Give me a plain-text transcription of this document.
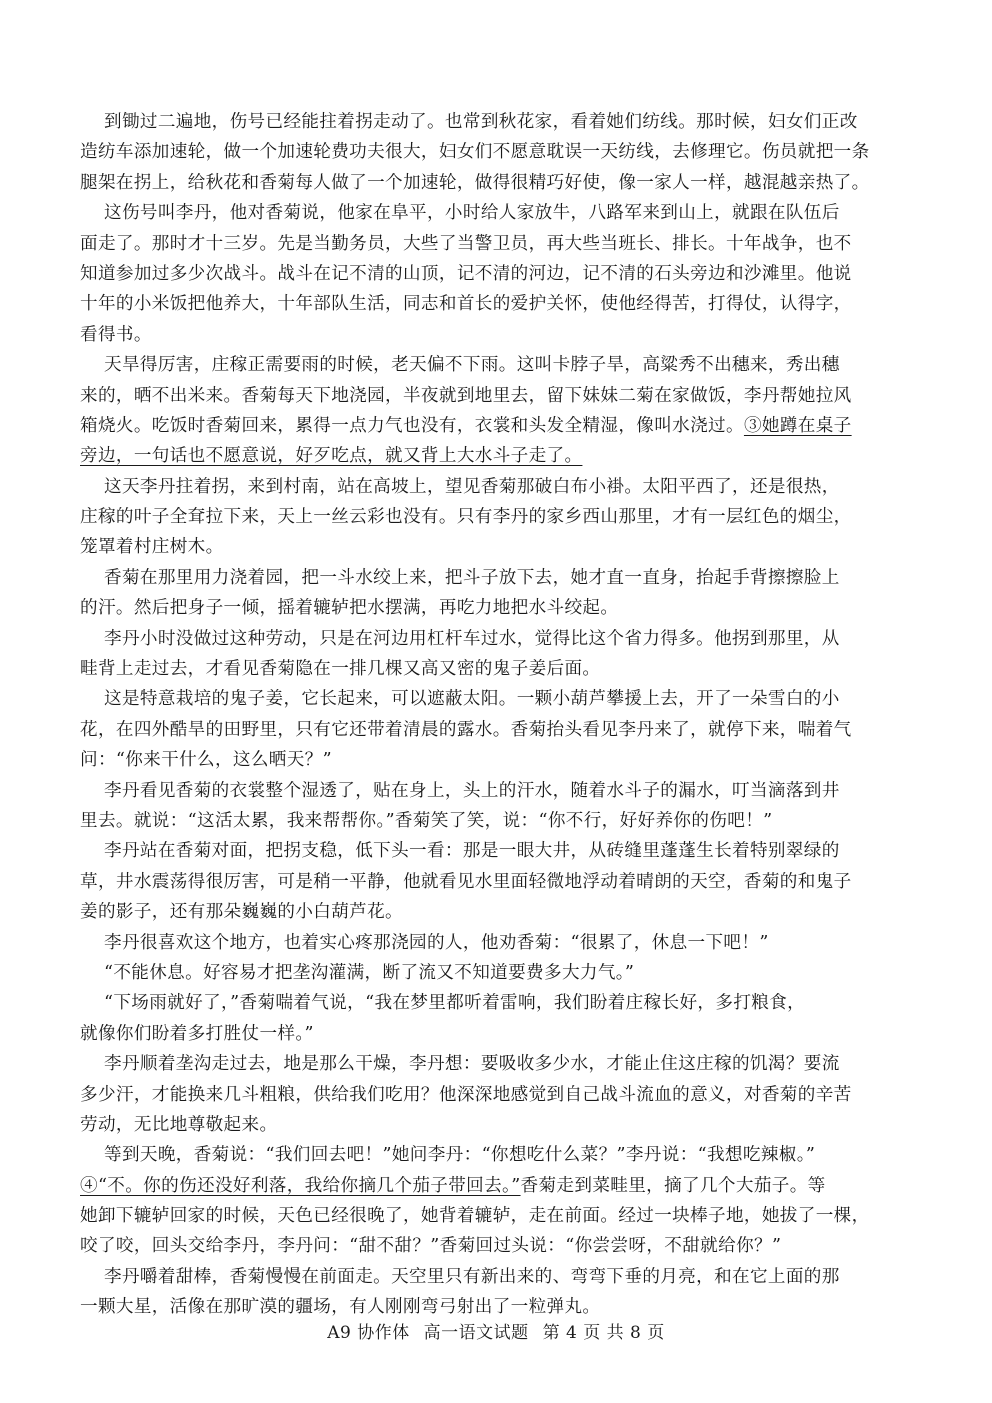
到锄过二遍地，伤号已经能拄着拐走动了。也常到秋花家，看着她们纺线。那时候，妇女们正改
造纺车添加速轮，做一个加速轮费功夫很大，妇女们不愿意耽误一天纺线，去修理它。伤员就把一条
腿架在拐上，给秋花和香菊每人做了一个加速轮，做得很精巧好使，像一家人一样，越混越亲热了。
这伤号叫李丹，他对香菊说，他家在阜平，小时给人家放牛，八路军来到山上，就跟在队伍后
面走了。那时才十三岁。先是当勤务员，大些了当警卫员，再大些当班长、排长。十年战争，也不
知道参加过多少次战斗。战斗在记不清的山顶，记不清的河边，记不清的石头旁边和沙滩里。他说
十年的小米饭把他养大，十年部队生活，同志和首长的爱护关怀，使他经得苦，打得仗，认得字，
看得书。
天旱得厉害，庄稼正需要雨的时候，老天偏不下雨。这叫卡脖子旱，高粱秀不出穗来，秀出穗
来的，晒不出米来。香菊每天下地浇园，半夜就到地里去，留下妹妹二菊在家做饭，李丹帮她拉风
箱烧火。吃饭时香菊回来，累得一点力气也没有，衣裳和头发全精湿，像叫水浇过。③她蹲在桌子
旁边，一句话也不愿意说，好歹吃点，就又背上大水斗子走了。
这天李丹拄着拐，来到村南，站在高坡上，望见香菊那破白布小褂。太阳平西了，还是很热，
庄稼的叶子全耷拉下来，天上一丝云彩也没有。只有李丹的家乡西山那里，才有一层红色的烟尘，
笼罩着村庄树木。
香菊在那里用力浇着园，把一斗水绞上来，把斗子放下去，她才直一直身，抬起手背擦擦脸上
的汗。然后把身子一倾，摇着辘轳把水摆满，再吃力地把水斗绞起。
李丹小时没做过这种劳动，只是在河边用杠杆车过水，觉得比这个省力得多。他拐到那里，从
畦背上走过去，才看见香菊隐在一排几棵又高又密的鬼子姜后面。
这是特意栽培的鬼子姜，它长起来，可以遮蔽太阳。一颗小葫芦攀援上去，开了一朵雪白的小
花，在四外酷旱的田野里，只有它还带着清晨的露水。香菊抬头看见李丹来了，就停下来，喘着气
问：“你来干什么，这么晒天？”
李丹看见香菊的衣裳整个湿透了，贴在身上，头上的汗水，随着水斗子的漏水，叮当滴落到井
里去。就说：“这活太累，我来帮帮你。”香菊笑了笑，说：“你不行，好好养你的伤吧！”
李丹站在香菊对面，把拐支稳，低下头一看：那是一眼大井，从砖缝里蓬蓬生长着特别翠绿的
草，井水震荡得很厉害，可是稍一平静，他就看见水里面轻微地浮动着晴朗的天空，香菊的和鬼子
姜的影子，还有那朵巍巍的小白葫芦花。
李丹很喜欢这个地方，也着实心疼那浇园的人，他劝香菊：“很累了，休息一下吧！”
“不能休息。好容易才把垄沟灌满，断了流又不知道要费多大力气。”
“下场雨就好了，”香菊喘着气说，“我在梦里都听着雷响，我们盼着庄稼长好，多打粮食，
就像你们盼着多打胜仗一样。”
李丹顺着垄沟走过去，地是那么干燥，李丹想：要吸收多少水，才能止住这庄稼的饥渴？要流
多少汗，才能换来几斗粗粮，供给我们吃用？他深深地感觉到自己战斗流血的意义，对香菊的辛苦
劳动，无比地尊敬起来。
等到天晚，香菊说：“我们回去吧！”她问李丹：“你想吃什么菜？”李丹说：“我想吃辣椒。”
④“不。你的伤还没好利落，我给你摘几个茄子带回去。”香菊走到菜畦里，摘了几个大茄子。等
她卸下辘轳回家的时候，天色已经很晚了，她背着辘轳，走在前面。经过一块棒子地，她拔了一棵，
咬了咬，回头交给李丹，李丹问：“甜不甜？”香菊回过头说：“你尝尝呀，不甜就给你？”
李丹嚼着甜棒，香菊慢慢在前面走。天空里只有新出来的、弯弯下垂的月亮，和在它上面的那
一颗大星，活像在那旷漠的疆场，有人刚刚弯弓射出了一粒弹丸。
A9 协作体 高一语文试题 第 4 页 共 8 页
